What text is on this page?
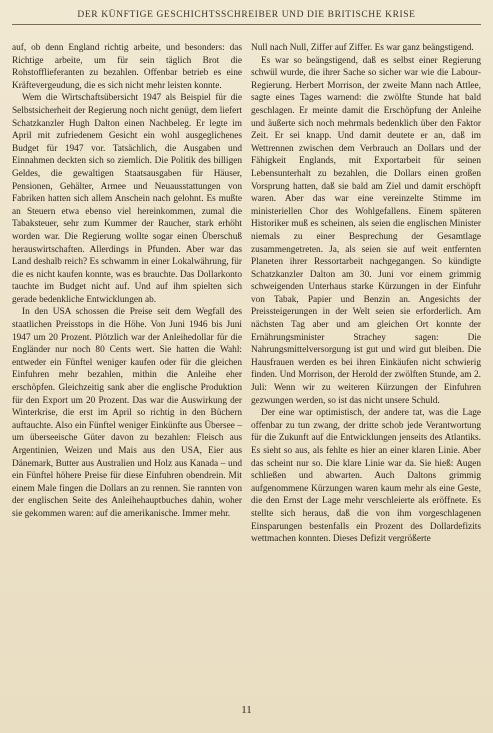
DER KÜNFTIGE GESCHICHTSSCHREIBER UND DIE BRITISCHE KRISE

auf, ob denn England richtig arbeite, und besonders: das Richtige arbeite, um für sein täglich Brot die Rohstofflieferanten zu bezahlen. Offenbar betrieb es eine Kräftevergeudung, die es sich nicht mehr leisten konnte.

Wem die Wirtschaftsübersicht 1947 als Beispiel für die Selbstsicherheit der Regierung noch nicht genügt, dem liefert Schatzkanzler Hugh Dalton einen Nachbeleg. Er legte im April mit zufriedenem Gesicht ein wohl ausgeglichenes Budget für 1947 vor. Tatsächlich, die Ausgaben und Einnahmen deckten sich so ziemlich. Die Politik des billigen Geldes, die gewaltigen Staatsausgaben für Häuser, Pensionen, Gehälter, Armee und Neuausstattungen von Fabriken hatten sich allem Anschein nach gelohnt. Es mußte an Steuern etwa ebenso viel hereinkommen, zumal die Tabaksteuer, sehr zum Kummer der Raucher, stark erhöht worden war. Die Regierung wollte sogar einen Überschuß herauswirtschaften. Allerdings in Pfunden. Aber war das Land deshalb reich? Es schwamm in einer Lokalwährung, für die es nicht kaufen konnte, was es brauchte. Das Dollarkonto tauchte im Budget nicht auf. Und auf ihm spielten sich gerade bedenkliche Entwicklungen ab.

In den USA schossen die Preise seit dem Wegfall des staatlichen Preisstops in die Höhe. Von Juni 1946 bis Juni 1947 um 20 Prozent. Plötzlich war der Anleihedollar für die Engländer nur noch 80 Cents wert. Sie hatten die Wahl: entweder ein Fünftel weniger kaufen oder für die gleichen Einfuhren mehr bezahlen, mithin die Anleihe eher erschöpfen. Gleichzeitig sank aber die englische Produktion für den Export um 20 Prozent. Das war die Auswirkung der Winterkrise, die erst im April so richtig in den Büchern auftauchte. Also ein Fünftel weniger Einkünfte aus Übersee – um überseeische Güter davon zu bezahlen: Fleisch aus Argentinien, Weizen und Mais aus den USA, Eier aus Dänemark, Butter aus Australien und Holz aus Kanada – und ein Fünftel höhere Preise für diese Einfuhren obendrein. Mit einem Male fingen die Dollars an zu rennen. Sie rannten von der englischen Seite des Anleihehauptbuches dahin, woher sie gekommen waren: auf die amerikanische. Immer mehr.

Null nach Null, Ziffer auf Ziffer. Es war ganz beängstigend.

Es war so beängstigend, daß es selbst einer Regierung schwül wurde, die ihrer Sache so sicher war wie die Labour-Regierung. Herbert Morrison, der zweite Mann nach Attlee, sagte eines Tages warnend: die zwölfte Stunde hat bald geschlagen. Er meinte damit die Erschöpfung der Anleihe und äußerte sich noch mehrmals bedenklich über den Faktor Zeit. Er sei knapp. Und damit deutete er an, daß im Wettrennen zwischen dem Verbrauch an Dollars und der Fähigkeit Englands, mit Exportarbeit für seinen Lebensunterhalt zu bezahlen, die Dollars einen großen Vorsprung hatten, daß sie bald am Ziel und damit erschöpft waren. Aber das war eine vereinzelte Stimme im ministeriellen Chor des Wohlgefallens. Einem späteren Historiker muß es scheinen, als seien die englischen Minister niemals zu einer Besprechung der Gesamtlage zusammengetreten. Ja, als seien sie auf weit entfernten Planeten ihrer Ressortarbeit nachgegangen. So kündigte Schatzkanzler Dalton am 30. Juni vor einem grimmig schweigenden Unterhaus starke Kürzungen in der Einfuhr von Tabak, Papier und Benzin an. Angesichts der Preissteigerungen in der Welt seien sie erforderlich. Am nächsten Tag aber und am gleichen Ort konnte der Ernährungsminister Strachey sagen: Die Nahrungsmittelversorgung ist gut und wird gut bleiben. Die Hausfrauen werden es bei ihren Einkäufen nicht schwierig finden. Und Morrison, der Herold der zwölften Stunde, am 2. Juli: Wenn wir zu weiteren Kürzungen der Einfuhren gezwungen werden, so ist das nicht unsere Schuld.

Der eine war optimistisch, der andere tat, was die Lage offenbar zu tun zwang, der dritte schob jede Verantwortung für die Zukunft auf die Entwicklungen jenseits des Atlantiks. Es sieht so aus, als fehlte es hier an einer klaren Linie. Aber das scheint nur so. Die klare Linie war da. Sie hieß: Augen schließen und abwarten. Auch Daltons grimmig aufgenommene Kürzungen waren kaum mehr als eine Geste, die den Ernst der Lage mehr verschleierte als eröffnete. Es stellte sich heraus, daß die von ihm vorgeschlagenen Einsparungen bestenfalls ein Prozent des Dollardefizits wettmachen konnten. Dieses Defizit vergrößerte

11
